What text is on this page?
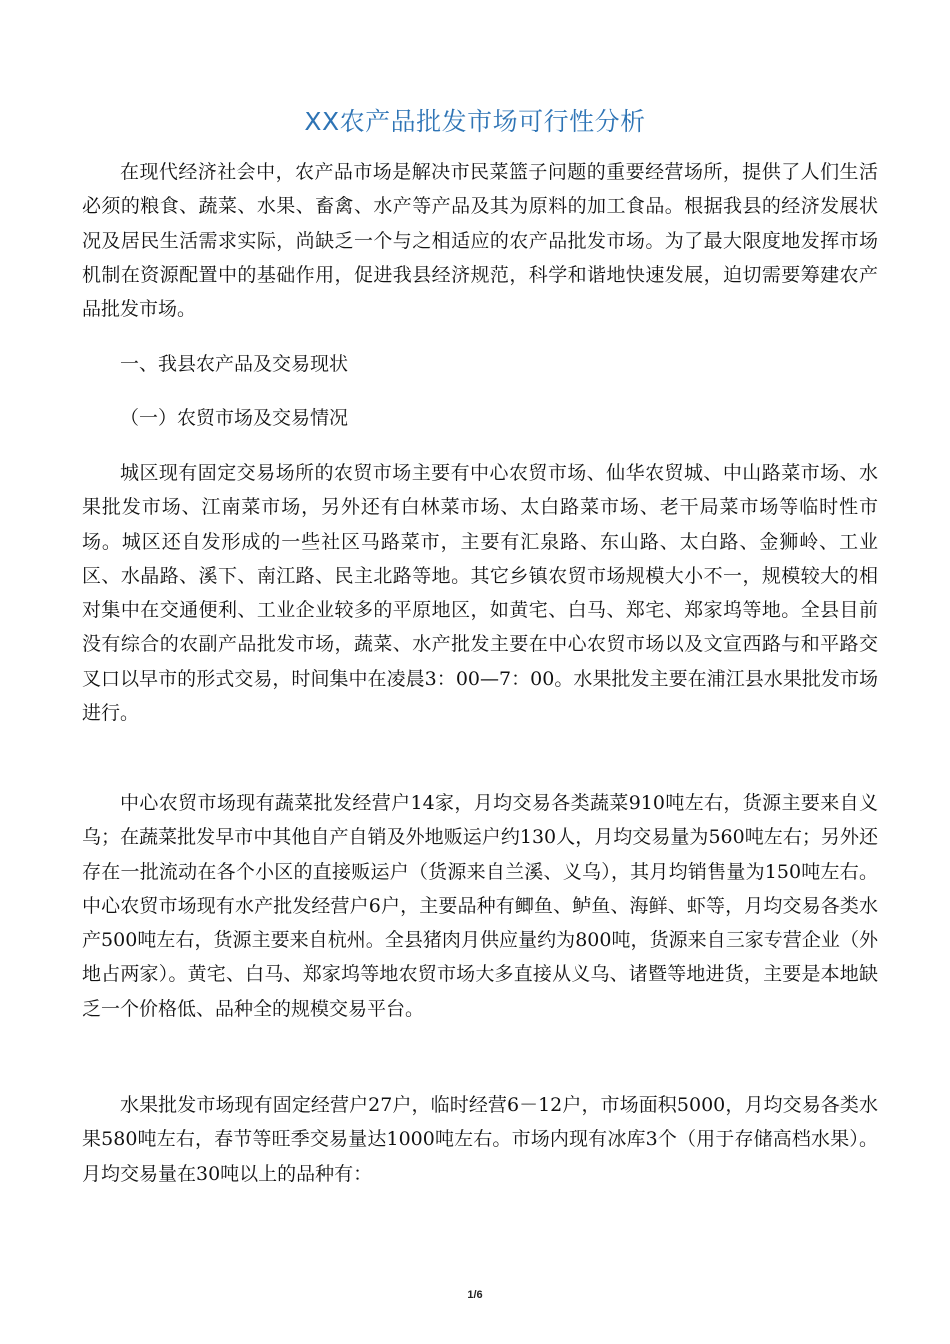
XX农产品批发市场可行性分析

在现代经济社会中，农产品市场是解决市民菜篮子问题的重要经营场所，提供了人们生活必须的粮食、蔬菜、水果、畜禽、水产等产品及其为原料的加工食品。根据我县的经济发展状况及居民生活需求实际，尚缺乏一个与之相适应的农产品批发市场。为了最大限度地发挥市场机制在资源配置中的基础作用，促进我县经济规范，科学和谐地快速发展，迫切需要筹建农产品批发市场。

一、我县农产品及交易现状

（一）农贸市场及交易情况

城区现有固定交易场所的农贸市场主要有中心农贸市场、仙华农贸城、中山路菜市场、水果批发市场、江南菜市场，另外还有白林菜市场、太白路菜市场、老干局菜市场等临时性市场。城区还自发形成的一些社区马路菜市，主要有汇泉路、东山路、太白路、金狮岭、工业区、水晶路、溪下、南江路、民主北路等地。其它乡镇农贸市场规模大小不一，规模较大的相对集中在交通便利、工业企业较多的平原地区，如黄宅、白马、郑宅、郑家坞等地。全县目前没有综合的农副产品批发市场，蔬菜、水产批发主要在中心农贸市场以及文宣西路与和平路交叉口以早市的形式交易，时间集中在凌晨3：00—7：00。水果批发主要在浦江县水果批发市场进行。

中心农贸市场现有蔬菜批发经营户14家，月均交易各类蔬菜910吨左右，货源主要来自义乌；在蔬菜批发早市中其他自产自销及外地贩运户约130人，月均交易量为560吨左右；另外还存在一批流动在各个小区的直接贩运户（货源来自兰溪、义乌），其月均销售量为150吨左右。中心农贸市场现有水产批发经营户6户，主要品种有鲫鱼、鲈鱼、海鲜、虾等，月均交易各类水产500吨左右，货源主要来自杭州。全县猪肉月供应量约为800吨，货源来自三家专营企业（外地占两家）。黄宅、白马、郑家坞等地农贸市场大多直接从义乌、诸暨等地进货，主要是本地缺乏一个价格低、品种全的规模交易平台。

水果批发市场现有固定经营户27户，临时经营6－12户，市场面积5000，月均交易各类水果580吨左右，春节等旺季交易量达1000吨左右。市场内现有冰库3个（用于存储高档水果）。月均交易量在30吨以上的品种有：

1/6
